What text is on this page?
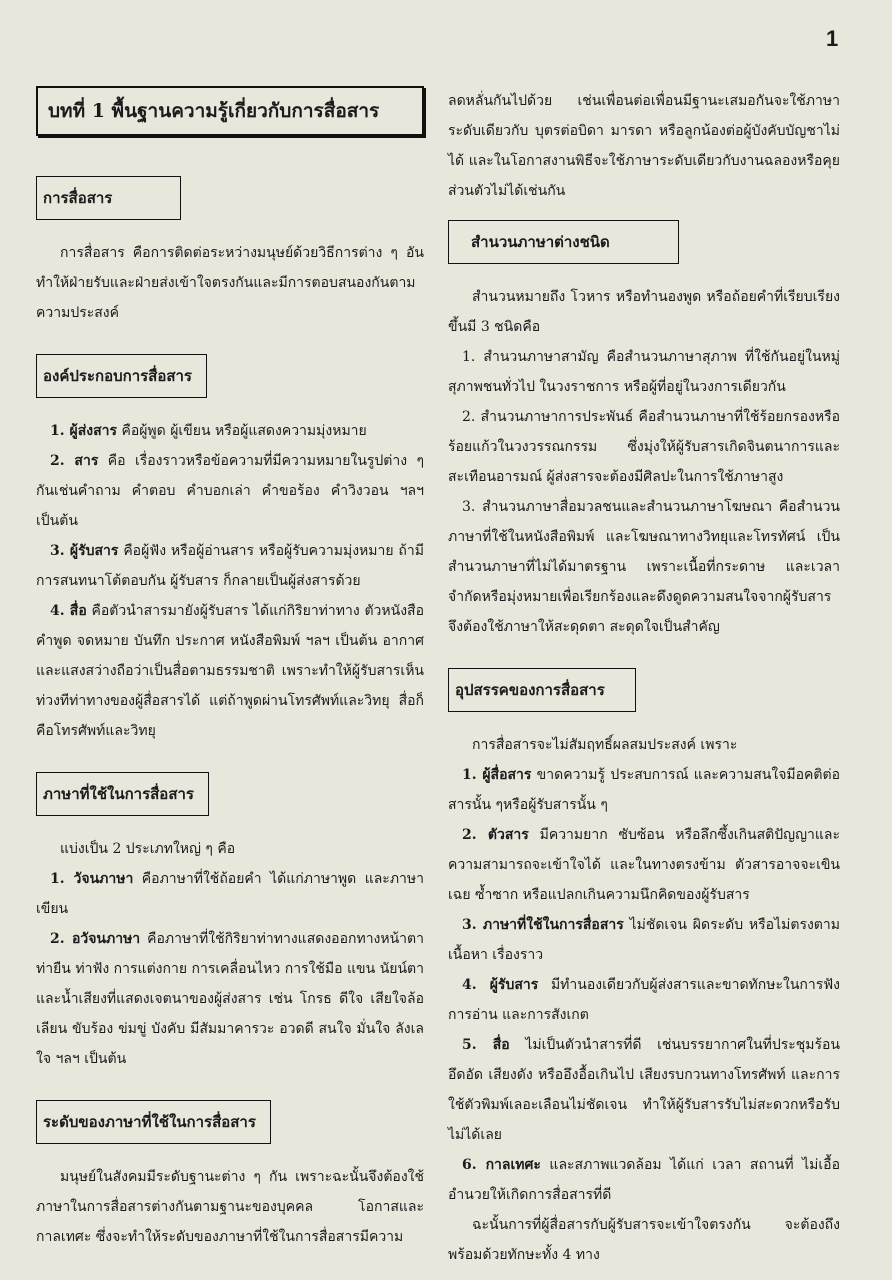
1
บทที่ 1 พื้นฐานความรู้เกี่ยวกับการสื่อสาร
การสื่อสาร

การสื่อสาร คือการติดต่อระหว่างมนุษย์ด้วยวิธีการต่าง ๆ อันทำให้ฝ่ายรับและฝ่ายส่งเข้าใจตรงกันและมีการตอบสนองกันตามความประสงค์

องค์ประกอบการสื่อสาร

1. ผู้ส่งสาร คือผู้พูด ผู้เขียน หรือผู้แสดงความมุ่งหมาย

2. สาร คือ เรื่องราวหรือข้อความที่มีความหมายในรูปต่าง ๆ กันเช่นคำถาม คำตอบ คำบอกเล่า คำขอร้อง คำวิงวอน ฯลฯ เป็นต้น

3. ผู้รับสาร คือผู้ฟัง หรือผู้อ่านสาร หรือผู้รับความมุ่งหมาย ถ้ามีการสนทนาโต้ตอบกัน ผู้รับสาร ก็กลายเป็นผู้ส่งสารด้วย

4. สื่อ คือตัวนำสารมายังผู้รับสาร ได้แก่กิริยาท่าทาง ตัวหนังสือคำพูด จดหมาย บันทึก ประกาศ หนังสือพิมพ์ ฯลฯ เป็นต้น อากาศและแสงสว่างถือว่าเป็นสื่อตามธรรมชาติ เพราะทำให้ผู้รับสารเห็นท่วงทีท่าทางของผู้สื่อสารได้ แต่ถ้าพูดผ่านโทรศัพท์และวิทยุ สื่อก็คือโทรศัพท์และวิทยุ

ภาษาที่ใช้ในการสื่อสาร

แบ่งเป็น 2 ประเภทใหญ่ ๆ คือ

1. วัจนภาษา คือภาษาที่ใช้ถ้อยคำ ได้แก่ภาษาพูด และภาษาเขียน

2. อวัจนภาษา คือภาษาที่ใช้กิริยาท่าทางแสดงออกทางหน้าตาท่ายืน ท่าฟัง การแต่งกาย การเคลื่อนไหว การใช้มือ แขน นัยน์ตาและน้ำเสียงที่แสดงเจตนาของผู้ส่งสาร เช่น โกรธ ดีใจ เสียใจล้อเลียน ขับร้อง ข่มขู่ บังคับ มีสัมมาคารวะ อวดดี สนใจ มั่นใจ ลังเลใจ ฯลฯ เป็นต้น

ระดับของภาษาที่ใช้ในการสื่อสาร

มนุษย์ในสังคมมีระดับฐานะต่าง ๆ กัน เพราะฉะนั้นจึงต้องใช้ภาษาในการสื่อสารต่างกันตามฐานะของบุคคล โอกาสและกาลเทศะ ซึ่งจะทำให้ระดับของภาษาที่ใช้ในการสื่อสารมีความ

ลดหลั่นกันไปด้วย เช่นเพื่อนต่อเพื่อนมีฐานะเสมอกันจะใช้ภาษาระดับเดียวกับ บุตรต่อบิดา มารดา หรือลูกน้องต่อผู้บังคับบัญชาไม่ได้ และในโอกาสงานพิธีจะใช้ภาษาระดับเดียวกับงานฉลองหรือคุยส่วนตัวไม่ได้เช่นกัน

สำนวนภาษาต่างชนิด

สำนวนหมายถึง โวหาร หรือทำนองพูด หรือถ้อยคำที่เรียบเรียงขึ้นมี 3 ชนิดคือ

1. สำนวนภาษาสามัญ คือสำนวนภาษาสุภาพ ที่ใช้กันอยู่ในหมู่สุภาพชนทั่วไป ในวงราชการ หรือผู้ที่อยู่ในวงการเดียวกัน

2. สำนวนภาษาการประพันธ์ คือสำนวนภาษาที่ใช้ร้อยกรองหรือร้อยแก้วในวงวรรณกรรม ซึ่งมุ่งให้ผู้รับสารเกิดจินตนาการและสะเทือนอารมณ์ ผู้ส่งสารจะต้องมีศิลปะในการใช้ภาษาสูง

3. สำนวนภาษาสื่อมวลชนและสำนวนภาษาโฆษณา คือสำนวนภาษาที่ใช้ในหนังสือพิมพ์ และโฆษณาทางวิทยุและโทรทัศน์ เป็นสำนวนภาษาที่ไม่ได้มาตรฐาน เพราะเนื้อที่กระดาษ และเวลาจำกัดหรือมุ่งหมายเพื่อเรียกร้องและดึงดูดความสนใจจากผู้รับสาร จึงต้องใช้ภาษาให้สะดุดตา สะดุดใจเป็นสำคัญ

อุปสรรคของการสื่อสาร

การสื่อสารจะไม่สัมฤทธิ์ผลสมประสงค์ เพราะ

1. ผู้สื่อสาร ขาดความรู้ ประสบการณ์ และความสนใจมีอคติต่อสารนั้น ๆหรือผู้รับสารนั้น ๆ

2. ตัวสาร มีความยาก ซับซ้อน หรือลึกซึ้งเกินสติปัญญาและความสามารถจะเข้าใจได้ และในทางตรงข้าม ตัวสารอาจจะเขินเฉย ซ้ำซาก หรือแปลกเกินความนึกคิดของผู้รับสาร

3. ภาษาที่ใช้ในการสื่อสาร ไม่ชัดเจน ผิดระดับ หรือไม่ตรงตามเนื้อหา เรื่องราว

4. ผู้รับสาร มีทำนองเดียวกับผู้ส่งสารและขาดทักษะในการฟัง การอ่าน และการสังเกต

5. สื่อ ไม่เป็นตัวนำสารที่ดี เช่นบรรยากาศในที่ประชุมร้อนอึดอัด เสียงดัง หรืออึงอื้อเกินไป เสียงรบกวนทางโทรศัพท์ และการใช้ตัวพิมพ์เลอะเลือนไม่ชัดเจน ทำให้ผู้รับสารรับไม่สะดวกหรือรับไม่ได้เลย

6. กาลเทศะ และสภาพแวดล้อม ได้แก่ เวลา สถานที่ ไม่เอื้ออำนวยให้เกิดการสื่อสารที่ดี

ฉะนั้นการที่ผู้สื่อสารกับผู้รับสารจะเข้าใจตรงกัน จะต้องถึงพร้อมด้วยทักษะทั้ง 4 ทาง
